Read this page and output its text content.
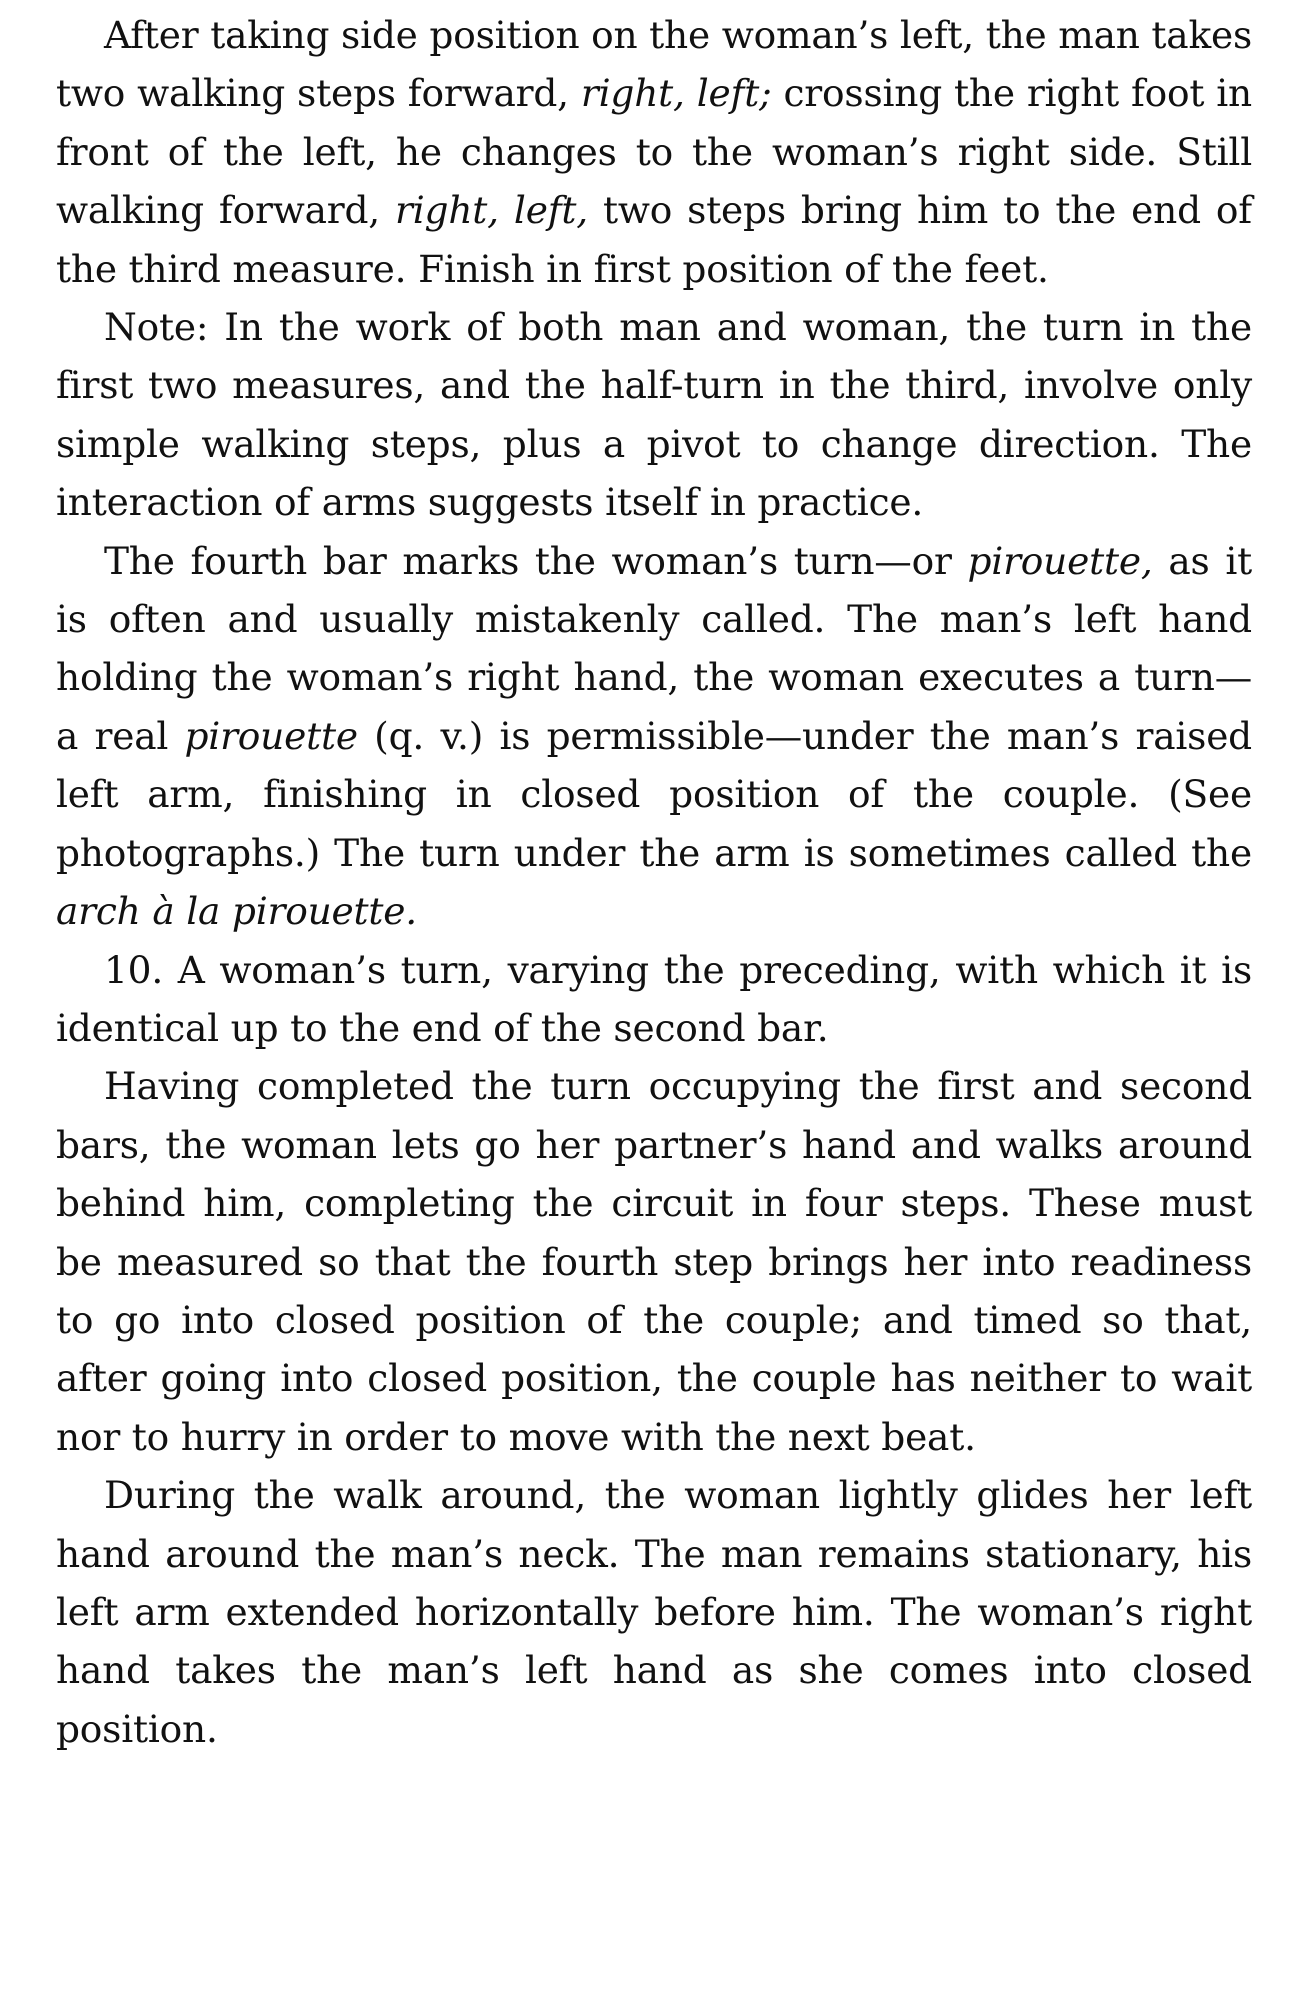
After taking side position on the woman’s left, the man takes two walking steps forward, right, left; crossing the right foot in front of the left, he changes to the woman’s right side. Still walking forward, right, left, two steps bring him to the end of the third measure. Finish in first position of the feet.

Note: In the work of both man and woman, the turn in the first two measures, and the half-turn in the third, involve only simple walking steps, plus a pivot to change direction. The interaction of arms suggests itself in practice.

The fourth bar marks the woman’s turn—or pirouette, as it is often and usually mistakenly called. The man’s left hand holding the woman’s right hand, the woman executes a turn—a real pirouette (q. v.) is permissible—under the man’s raised left arm, finishing in closed position of the couple. (See photographs.) The turn under the arm is sometimes called the arch à la pirouette.

10. A woman’s turn, varying the preceding, with which it is identical up to the end of the second bar.

Having completed the turn occupying the first and second bars, the woman lets go her partner’s hand and walks around behind him, completing the circuit in four steps. These must be measured so that the fourth step brings her into readiness to go into closed position of the couple; and timed so that, after going into closed position, the couple has neither to wait nor to hurry in order to move with the next beat.

During the walk around, the woman lightly glides her left hand around the man’s neck. The man remains stationary, his left arm extended horizontally before him. The woman’s right hand takes the man’s left hand as she comes into closed position.
